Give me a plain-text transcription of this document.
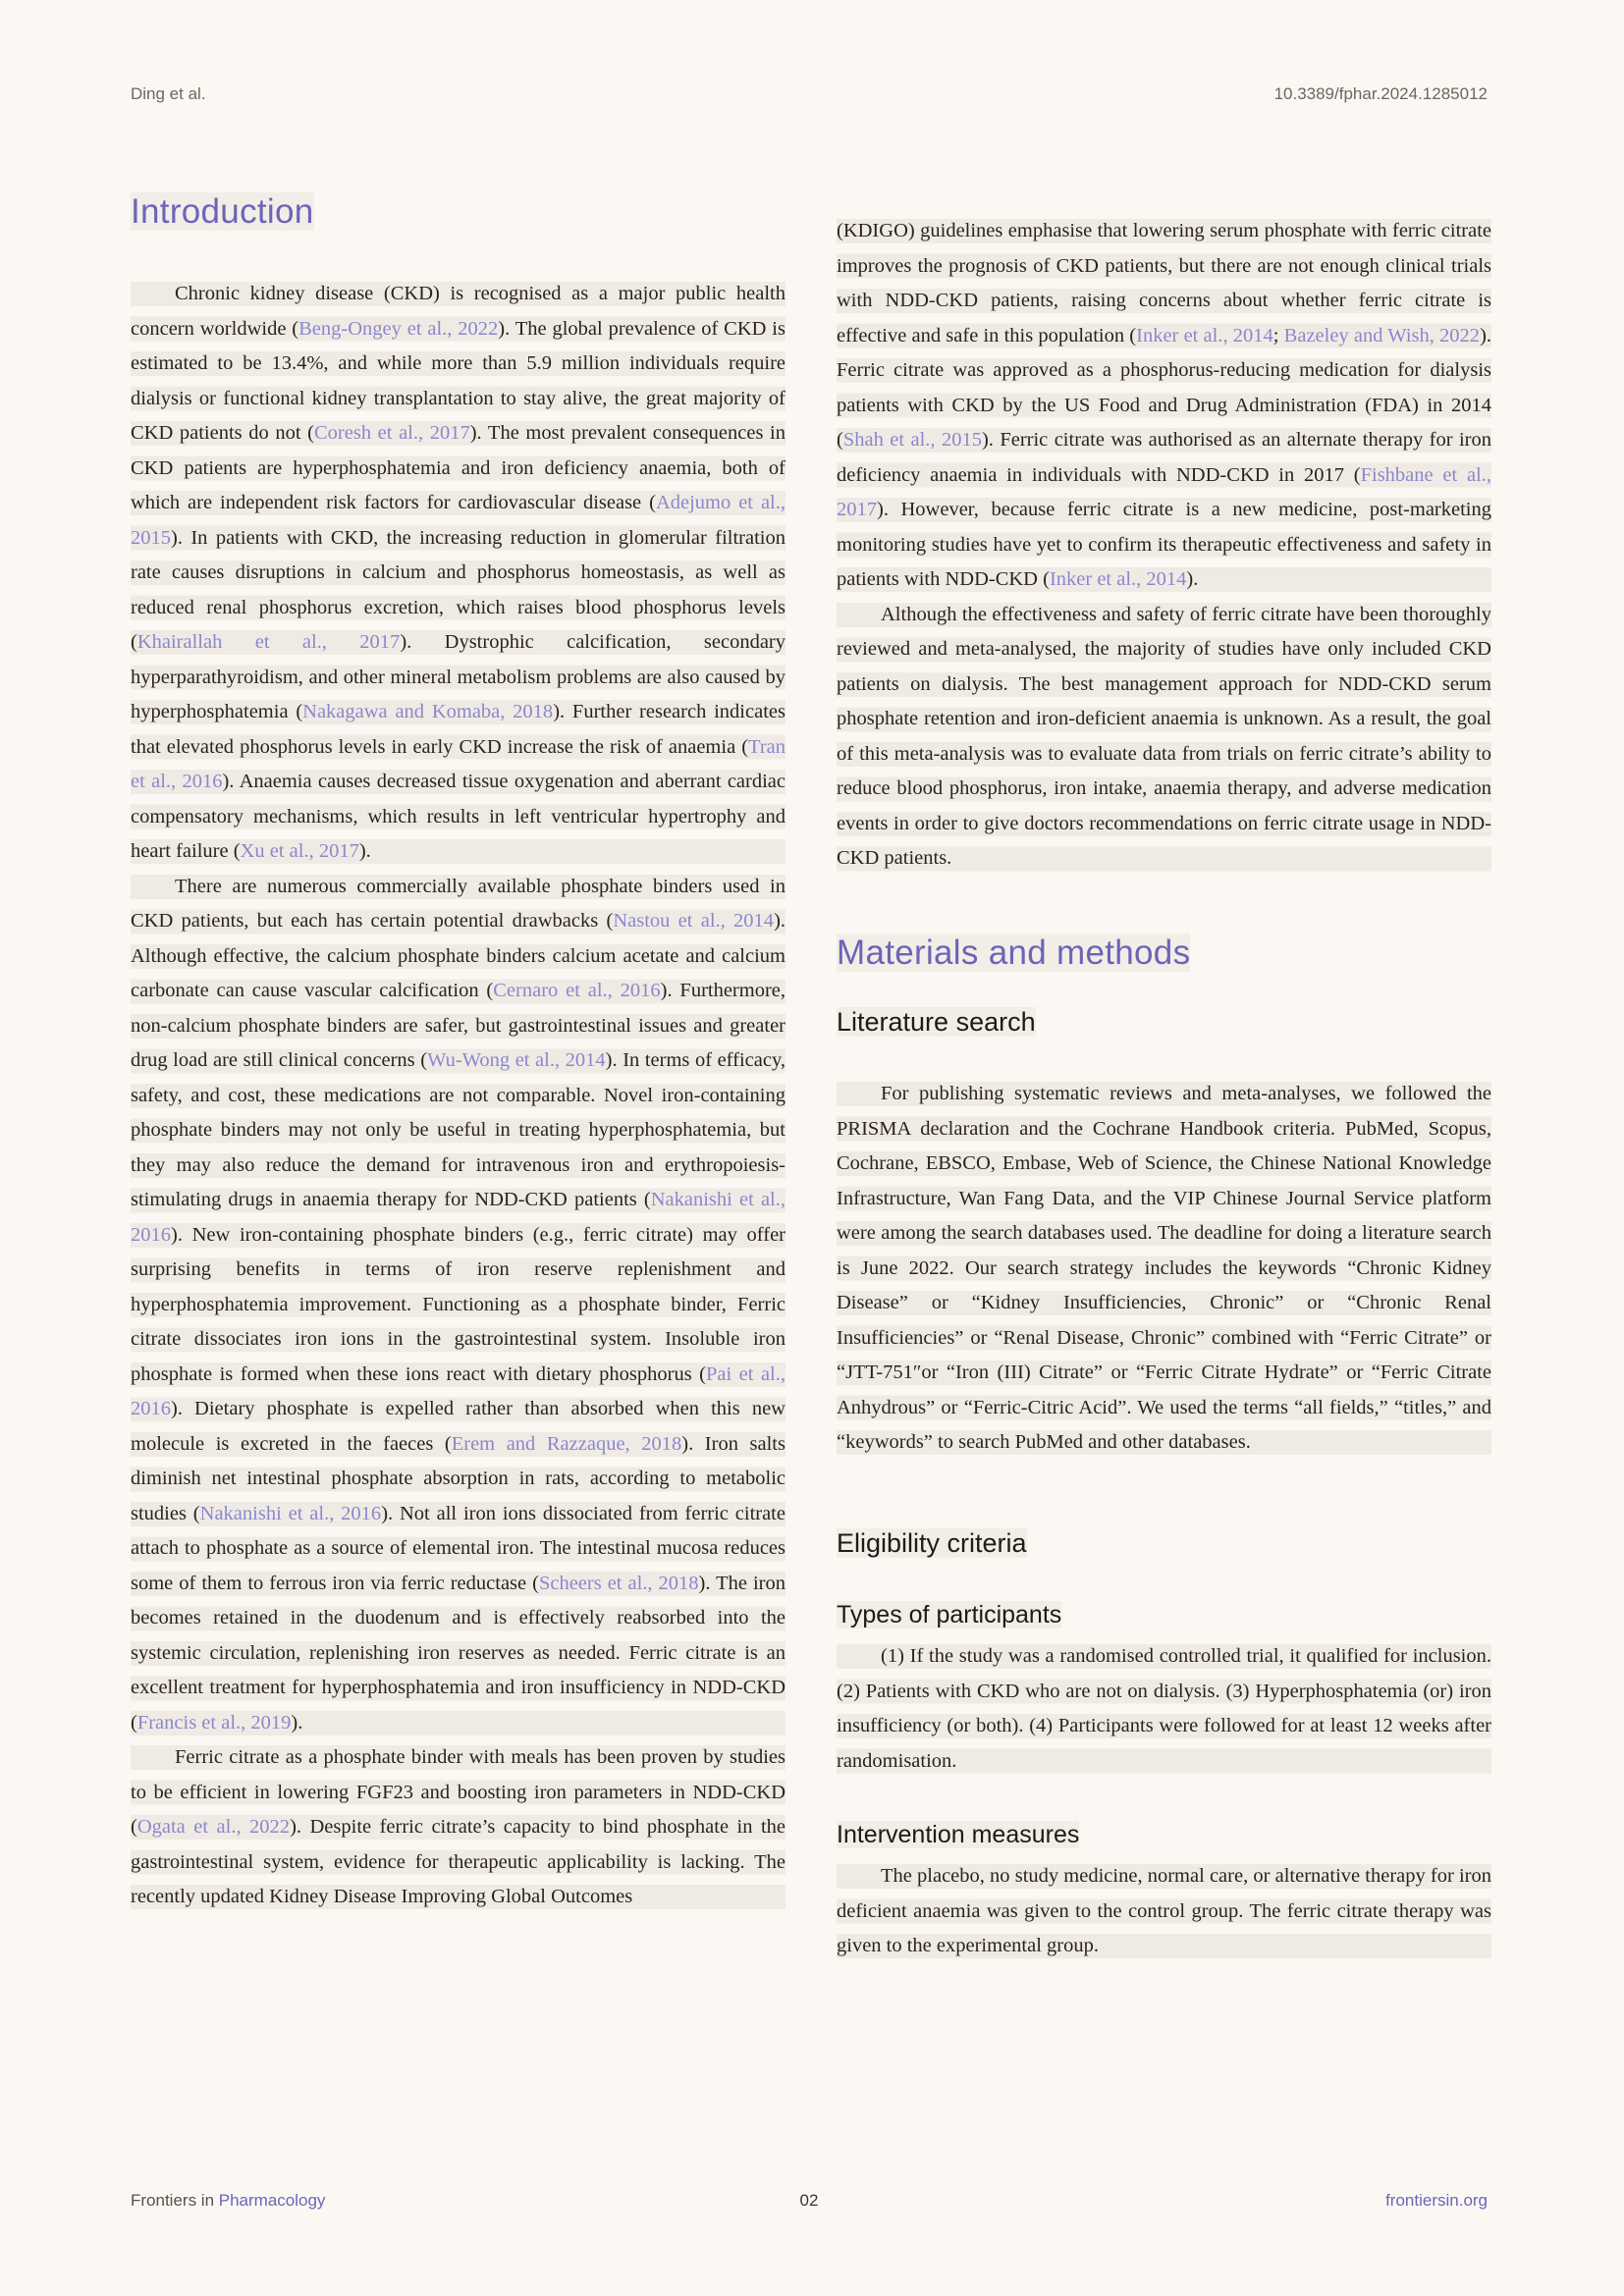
Ding et al.	10.3389/fphar.2024.1285012
Introduction

Chronic kidney disease (CKD) is recognised as a major public health concern worldwide (Beng-Ongey et al., 2022). The global prevalence of CKD is estimated to be 13.4%, and while more than 5.9 million individuals require dialysis or functional kidney transplantation to stay alive, the great majority of CKD patients do not (Coresh et al., 2017). The most prevalent consequences in CKD patients are hyperphosphatemia and iron deficiency anaemia, both of which are independent risk factors for cardiovascular disease (Adejumo et al., 2015). In patients with CKD, the increasing reduction in glomerular filtration rate causes disruptions in calcium and phosphorus homeostasis, as well as reduced renal phosphorus excretion, which raises blood phosphorus levels (Khairallah et al., 2017). Dystrophic calcification, secondary hyperparathyroidism, and other mineral metabolism problems are also caused by hyperphosphatemia (Nakagawa and Komaba, 2018). Further research indicates that elevated phosphorus levels in early CKD increase the risk of anaemia (Tran et al., 2016). Anaemia causes decreased tissue oxygenation and aberrant cardiac compensatory mechanisms, which results in left ventricular hypertrophy and heart failure (Xu et al., 2017).

There are numerous commercially available phosphate binders used in CKD patients, but each has certain potential drawbacks (Nastou et al., 2014). Although effective, the calcium phosphate binders calcium acetate and calcium carbonate can cause vascular calcification (Cernaro et al., 2016). Furthermore, non-calcium phosphate binders are safer, but gastrointestinal issues and greater drug load are still clinical concerns (Wu-Wong et al., 2014). In terms of efficacy, safety, and cost, these medications are not comparable. Novel iron-containing phosphate binders may not only be useful in treating hyperphosphatemia, but they may also reduce the demand for intravenous iron and erythropoiesis-stimulating drugs in anaemia therapy for NDD-CKD patients (Nakanishi et al., 2016). New iron-containing phosphate binders (e.g., ferric citrate) may offer surprising benefits in terms of iron reserve replenishment and hyperphosphatemia improvement. Functioning as a phosphate binder, Ferric citrate dissociates iron ions in the gastrointestinal system. Insoluble iron phosphate is formed when these ions react with dietary phosphorus (Pai et al., 2016). Dietary phosphate is expelled rather than absorbed when this new molecule is excreted in the faeces (Erem and Razzaque, 2018). Iron salts diminish net intestinal phosphate absorption in rats, according to metabolic studies (Nakanishi et al., 2016). Not all iron ions dissociated from ferric citrate attach to phosphate as a source of elemental iron. The intestinal mucosa reduces some of them to ferrous iron via ferric reductase (Scheers et al., 2018). The iron becomes retained in the duodenum and is effectively reabsorbed into the systemic circulation, replenishing iron reserves as needed. Ferric citrate is an excellent treatment for hyperphosphatemia and iron insufficiency in NDD-CKD (Francis et al., 2019).

Ferric citrate as a phosphate binder with meals has been proven by studies to be efficient in lowering FGF23 and boosting iron parameters in NDD-CKD (Ogata et al., 2022). Despite ferric citrate’s capacity to bind phosphate in the gastrointestinal system, evidence for therapeutic applicability is lacking. The recently updated Kidney Disease Improving Global Outcomes

(KDIGO) guidelines emphasise that lowering serum phosphate with ferric citrate improves the prognosis of CKD patients, but there are not enough clinical trials with NDD-CKD patients, raising concerns about whether ferric citrate is effective and safe in this population (Inker et al., 2014; Bazeley and Wish, 2022). Ferric citrate was approved as a phosphorus-reducing medication for dialysis patients with CKD by the US Food and Drug Administration (FDA) in 2014 (Shah et al., 2015). Ferric citrate was authorised as an alternate therapy for iron deficiency anaemia in individuals with NDD-CKD in 2017 (Fishbane et al., 2017). However, because ferric citrate is a new medicine, post-marketing monitoring studies have yet to confirm its therapeutic effectiveness and safety in patients with NDD-CKD (Inker et al., 2014).

Although the effectiveness and safety of ferric citrate have been thoroughly reviewed and meta-analysed, the majority of studies have only included CKD patients on dialysis. The best management approach for NDD-CKD serum phosphate retention and iron-deficient anaemia is unknown. As a result, the goal of this meta-analysis was to evaluate data from trials on ferric citrate’s ability to reduce blood phosphorus, iron intake, anaemia therapy, and adverse medication events in order to give doctors recommendations on ferric citrate usage in NDD-CKD patients.

Materials and methods
Literature search

For publishing systematic reviews and meta-analyses, we followed the PRISMA declaration and the Cochrane Handbook criteria. PubMed, Scopus, Cochrane, EBSCO, Embase, Web of Science, the Chinese National Knowledge Infrastructure, Wan Fang Data, and the VIP Chinese Journal Service platform were among the search databases used. The deadline for doing a literature search is June 2022. Our search strategy includes the keywords “Chronic Kidney Disease” or “Kidney Insufficiencies, Chronic” or “Chronic Renal Insufficiencies” or “Renal Disease, Chronic” combined with “Ferric Citrate” or “JTT-751″or “Iron (III) Citrate” or “Ferric Citrate Hydrate” or “Ferric Citrate Anhydrous” or “Ferric-Citric Acid”. We used the terms “all fields,” “titles,” and “keywords” to search PubMed and other databases.

Eligibility criteria
Types of participants

(1) If the study was a randomised controlled trial, it qualified for inclusion. (2) Patients with CKD who are not on dialysis. (3) Hyperphosphatemia (or) iron insufficiency (or both). (4) Participants were followed for at least 12 weeks after randomisation.

Intervention measures

The placebo, no study medicine, normal care, or alternative therapy for iron deficient anaemia was given to the control group. The ferric citrate therapy was given to the experimental group.

Frontiers in Pharmacology	02	frontiersin.org
